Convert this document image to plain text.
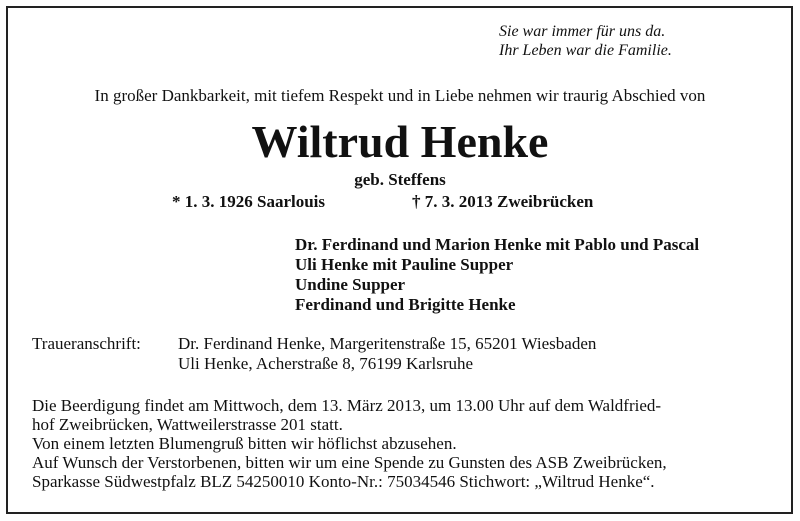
Sie war immer für uns da.
Ihr Leben war die Familie.
In großer Dankbarkeit, mit tiefem Respekt und in Liebe nehmen wir traurig Abschied von
Wiltrud Henke
geb. Steffens
* 1. 3. 1926 Saarlouis	† 7. 3. 2013 Zweibrücken
Dr. Ferdinand und Marion Henke mit Pablo und Pascal
Uli Henke mit Pauline Supper
Undine Supper
Ferdinand und Brigitte Henke
Traueranschrift: Dr. Ferdinand Henke, Margeritenstraße 15, 65201 Wiesbaden
Uli Henke, Acherstraße 8, 76199 Karlsruhe
Die Beerdigung findet am Mittwoch, dem 13. März 2013, um 13.00 Uhr auf dem Waldfried-
hof Zweibrücken, Wattweilerstrasse 201 statt.
Von einem letzten Blumengruß bitten wir höflichst abzusehen.
Auf Wunsch der Verstorbenen, bitten wir um eine Spende zu Gunsten des ASB Zweibrücken,
Sparkasse Südwestpfalz BLZ 54250010 Konto-Nr.: 75034546 Stichwort: „Wiltrud Henke“.
